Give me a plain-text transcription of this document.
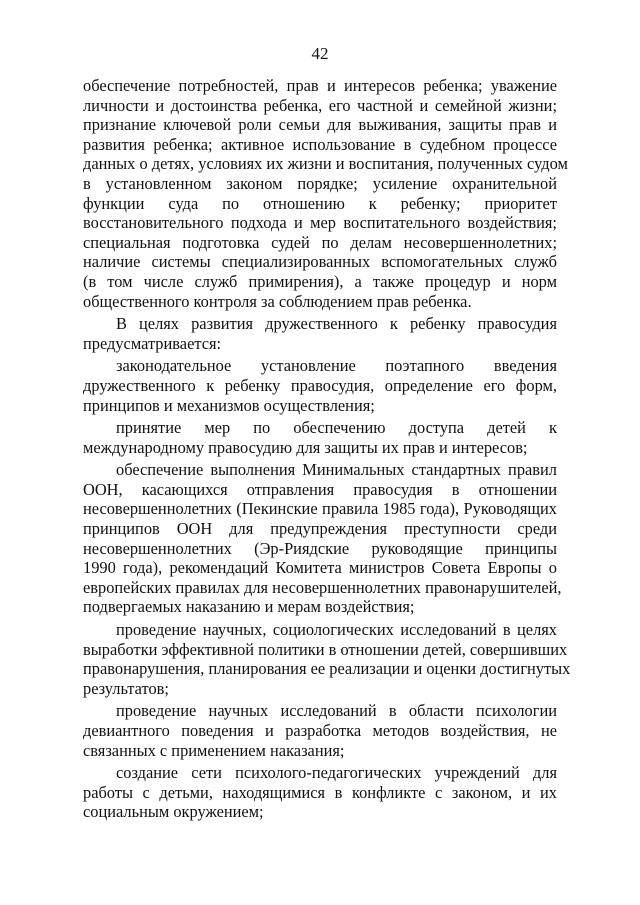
42
обеспечение потребностей, прав и интересов ребенка; уважение
личности и достоинства ребенка, его частной и семейной жизни;
признание ключевой роли семьи для выживания, защиты прав и
развития ребенка; активное использование в судебном процессе
данных о детях, условиях их жизни и воспитания, полученных судом
в установленном законом порядке; усиление охранительной
функции суда по отношению к ребенку; приоритет
восстановительного подхода и мер воспитательного воздействия;
специальная подготовка судей по делам несовершеннолетних;
наличие системы специализированных вспомогательных служб
(в том числе служб примирения), а также процедур и норм
общественного контроля за соблюдением прав ребенка.
В целях развития дружественного к ребенку правосудия
предусматривается:
законодательное установление поэтапного введения
дружественного к ребенку правосудия, определение его форм,
принципов и механизмов осуществления;
принятие мер по обеспечению доступа детей к
международному правосудию для защиты их прав и интересов;
обеспечение выполнения Минимальных стандартных правил
ООН, касающихся отправления правосудия в отношении
несовершеннолетних (Пекинские правила 1985 года), Руководящих
принципов ООН для предупреждения преступности среди
несовершеннолетних (Эр-Риядские руководящие принципы
1990 года), рекомендаций Комитета министров Совета Европы о
европейских правилах для несовершеннолетних правонарушителей,
подвергаемых наказанию и мерам воздействия;
проведение научных, социологических исследований в целях
выработки эффективной политики в отношении детей, совершивших
правонарушения, планирования ее реализации и оценки достигнутых
результатов;
проведение научных исследований в области психологии
девиантного поведения и разработка методов воздействия, не
связанных с применением наказания;
создание сети психолого-педагогических учреждений для
работы с детьми, находящимися в конфликте с законом, и их
социальным окружением;
